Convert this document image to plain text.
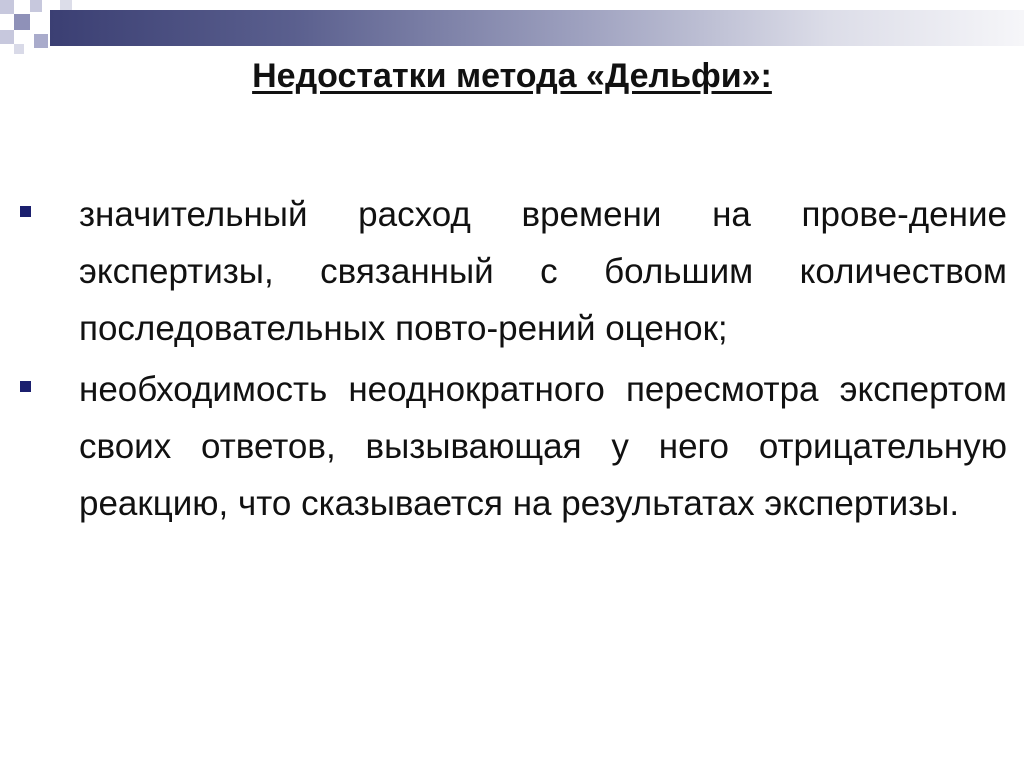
Недостатки метода «Дельфи»:
значительный расход времени на прове-дение экспертизы, связанный с большим количеством последовательных повто-рений оценок;
необходимость неоднократного пересмотра экспертом своих ответов, вызывающая у него отрицательную реакцию, что сказывается на результатах экспертизы.
